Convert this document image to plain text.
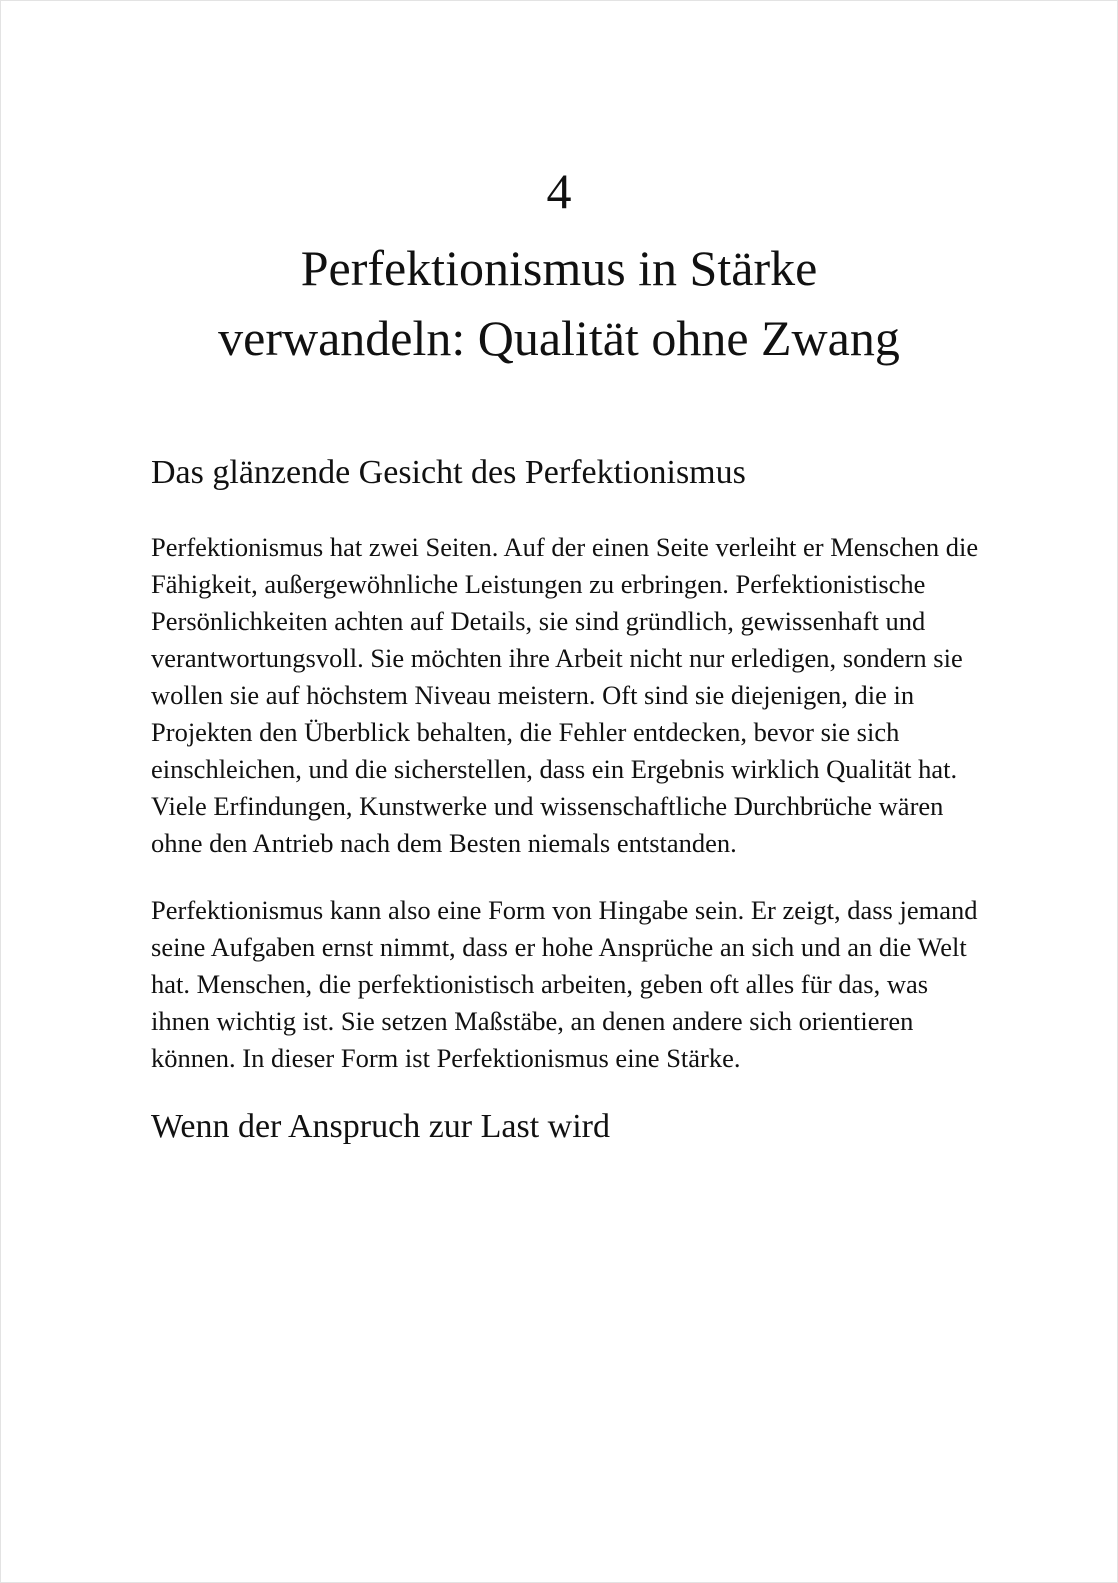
4
Perfektionismus in Stärke
verwandeln: Qualität ohne Zwang
Das glänzende Gesicht des Perfektionismus

Perfektionismus hat zwei Seiten. Auf der einen Seite verleiht er Menschen die Fähigkeit, außergewöhnliche Leistungen zu erbringen. Perfektionistische Persönlichkeiten achten auf Details, sie sind gründlich, gewissenhaft und verantwortungsvoll. Sie möchten ihre Arbeit nicht nur erledigen, sondern sie wollen sie auf höchstem Niveau meistern. Oft sind sie diejenigen, die in Projekten den Überblick behalten, die Fehler entdecken, bevor sie sich einschleichen, und die sicherstellen, dass ein Ergebnis wirklich Qualität hat. Viele Erfindungen, Kunstwerke und wissenschaftliche Durchbrüche wären ohne den Antrieb nach dem Besten niemals entstanden.

Perfektionismus kann also eine Form von Hingabe sein. Er zeigt, dass jemand seine Aufgaben ernst nimmt, dass er hohe Ansprüche an sich und an die Welt hat. Menschen, die perfektionistisch arbeiten, geben oft alles für das, was ihnen wichtig ist. Sie setzen Maßstäbe, an denen andere sich orientieren können. In dieser Form ist Perfektionismus eine Stärke.

Wenn der Anspruch zur Last wird
